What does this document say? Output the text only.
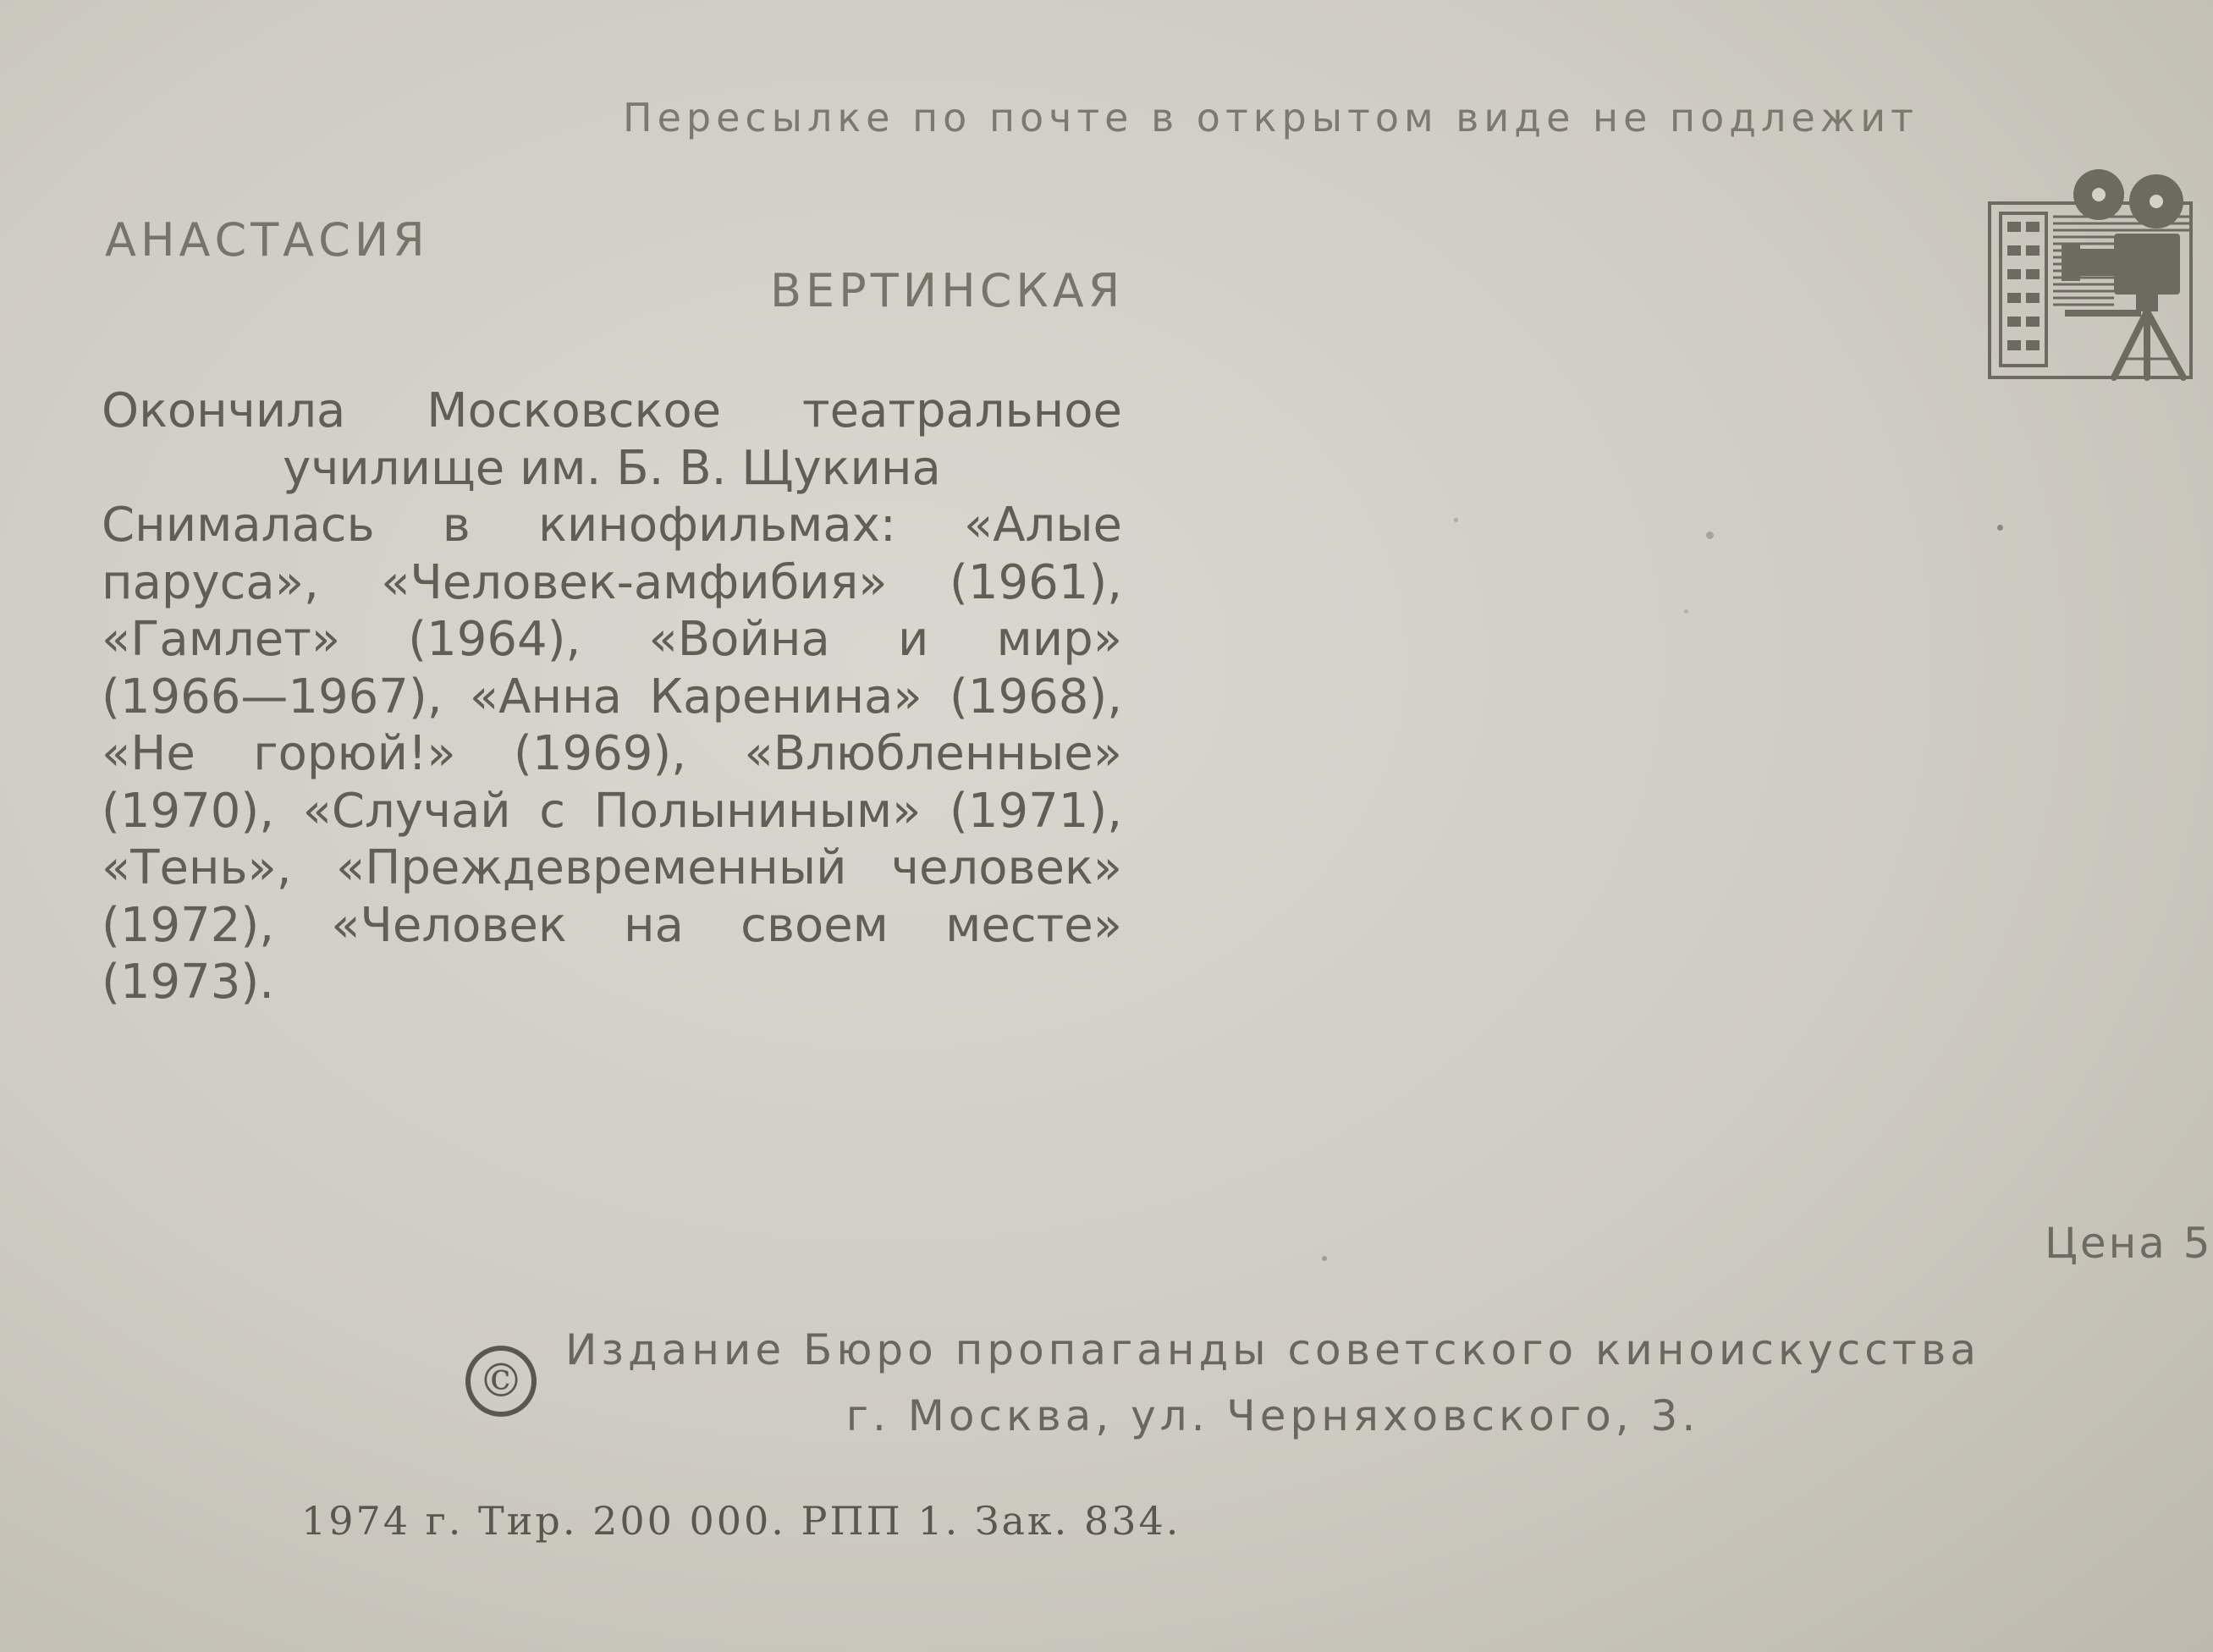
Пересылке по почте в открытом виде не подлежит
АНАСТАСИЯ
ВЕРТИНСКАЯ
Окончила Московское театральное
училище им. Б. В. Щукина
Снималась в кинофильмах: «Алые
паруса», «Человек-амфибия» (1961),
«Гамлет» (1964), «Война и мир»
(1966—1967), «Анна Каренина» (1968),
«Не горюй!» (1969), «Влюбленные»
(1970), «Случай с Полыниным» (1971),
«Тень», «Преждевременный человек»
(1972), «Человек на своем месте»
(1973).
Цена 5
©
Издание Бюро пропаганды советского киноискусства
г. Москва, ул. Черняховского, 3.
1974 г. Тир. 200 000. РПП 1. Зак. 834.
